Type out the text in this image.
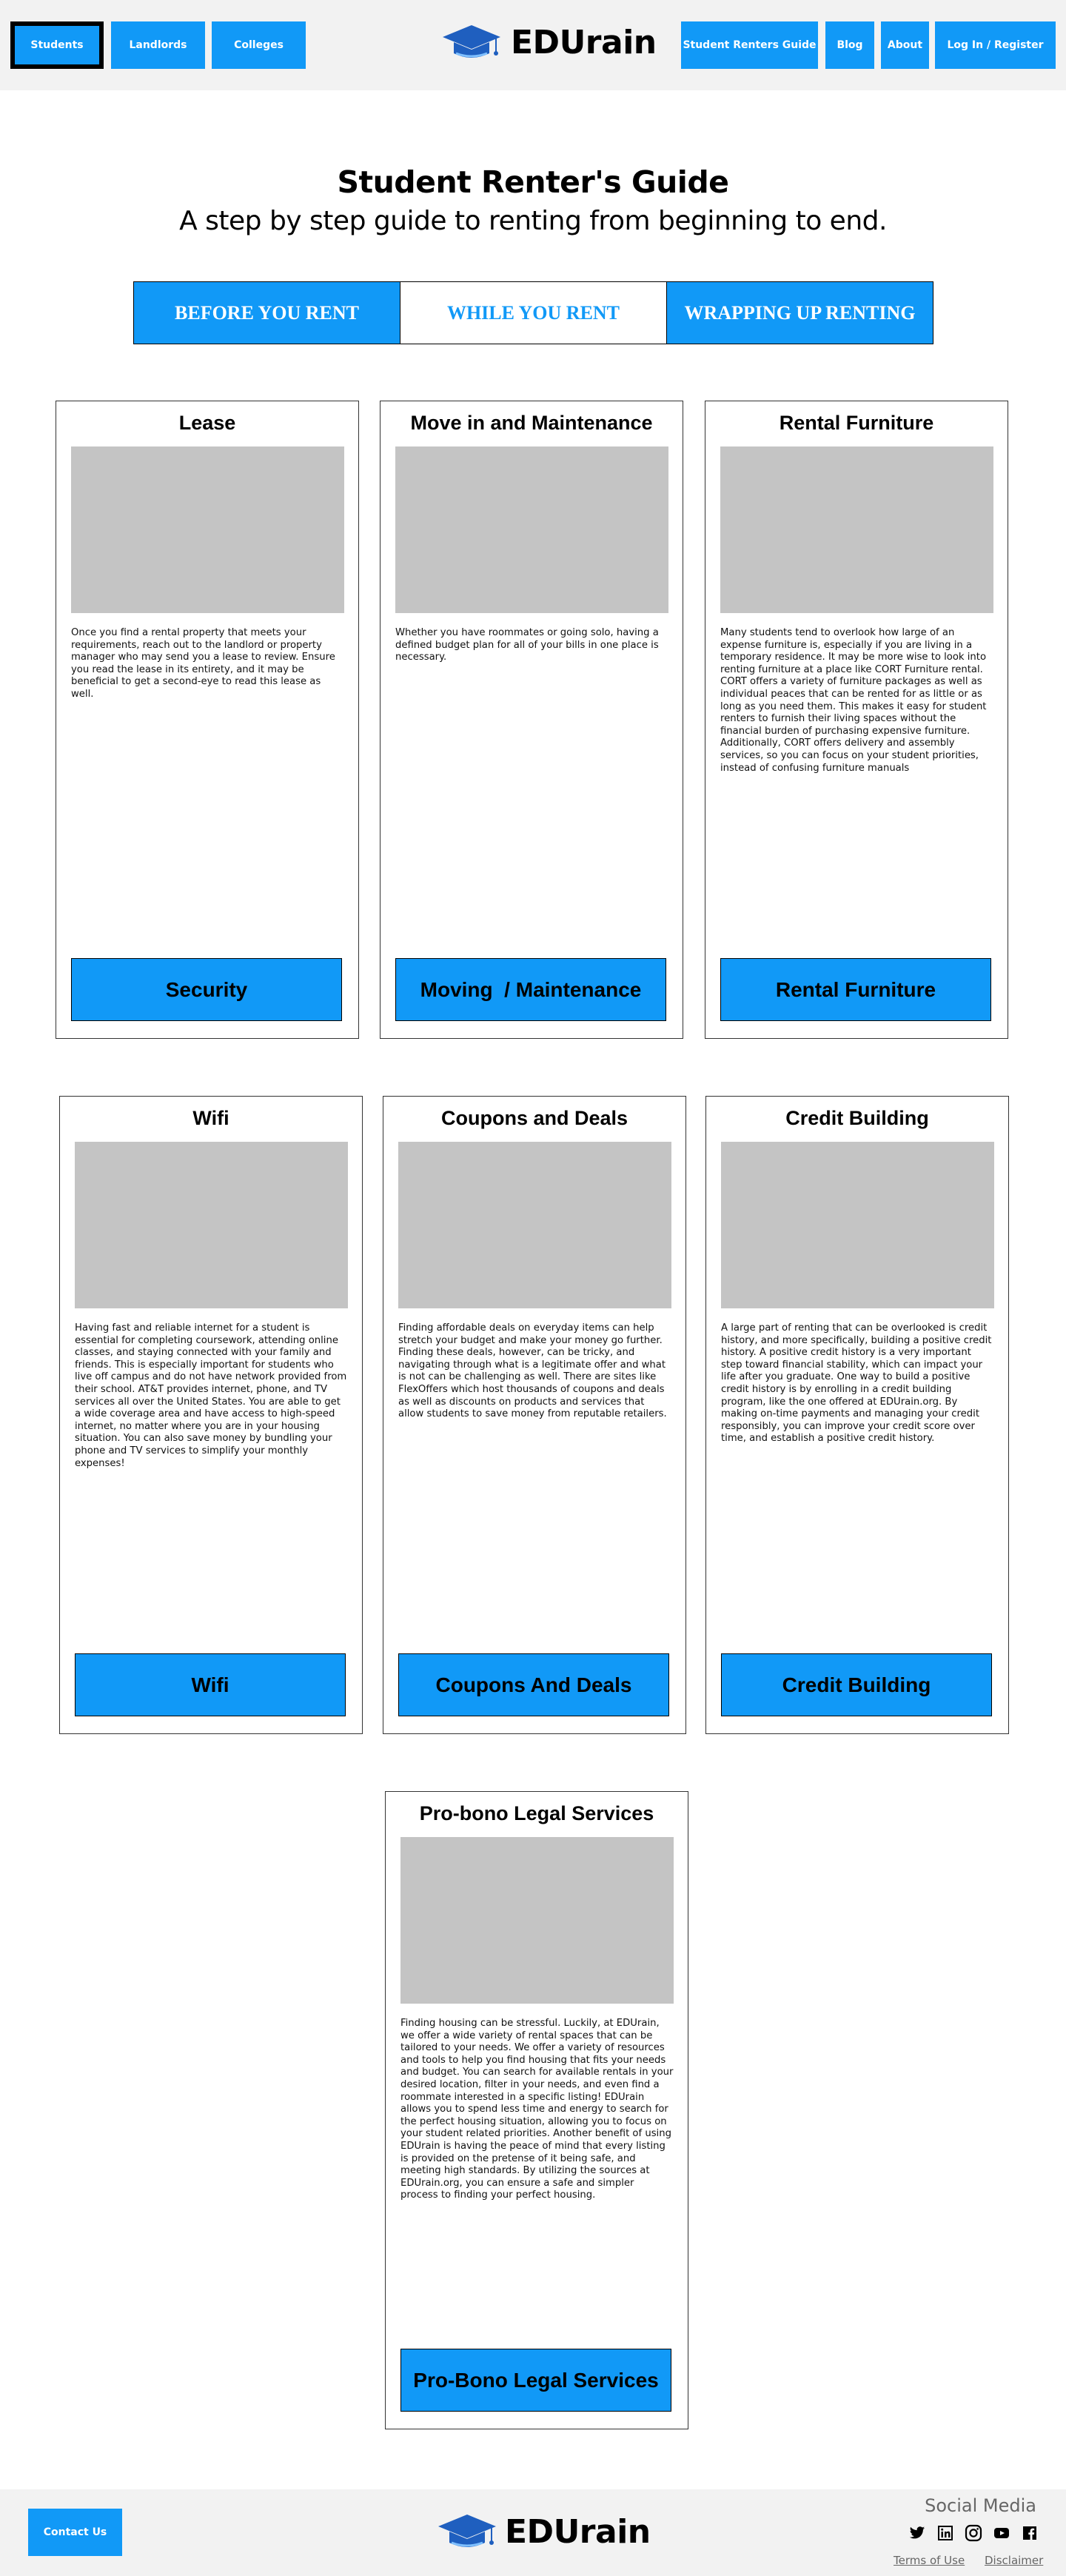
Students	Landlords	Colleges	EDUrain	Student Renters Guide	Blog	About	Log In / Register
Student Renter's Guide
A step by step guide to renting from beginning to end.
BEFORE YOU RENT	WHILE YOU RENT	WRAPPING UP RENTING
Lease
Once you find a rental property that meets your requirements, reach out to the landlord or property manager who may send you a lease to review. Ensure you read the lease in its entirety, and it may be beneficial to get a second-eye to read this lease as well.
Security
Move in and Maintenance
Whether you have roommates or going solo, having a defined budget plan for all of your bills in one place is necessary.
Moving  / Maintenance
Rental Furniture
Many students tend to overlook how large of an expense furniture is, especially if you are living in a temporary residence. It may be more wise to look into renting furniture at a place like CORT Furniture rental. CORT offers a variety of furniture packages as well as individual peaces that can be rented for as little or as long as you need them. This makes it easy for student renters to furnish their living spaces without the financial burden of purchasing expensive furniture. Additionally, CORT offers delivery and assembly services, so you can focus on your student priorities, instead of confusing furniture manuals
Rental Furniture
Wifi
Having fast and reliable internet for a student is essential for completing coursework, attending online classes, and staying connected with your family and friends. This is especially important for students who live off campus and do not have network provided from their school. AT&T provides internet, phone, and TV services all over the United States. You are able to get a wide coverage area and have access to high-speed internet, no matter where you are in your housing situation. You can also save money by bundling your phone and TV services to simplify your monthly expenses!
Wifi
Coupons and Deals
Finding affordable deals on everyday items can help stretch your budget and make your money go further. Finding these deals, however, can be tricky, and navigating through what is a legitimate offer and what is not can be challenging as well. There are sites like FlexOffers which host thousands of coupons and deals as well as discounts on products and services that allow students to save money from reputable retailers.
Coupons And Deals
Credit Building
A large part of renting that can be overlooked is credit history, and more specifically, building a positive credit history. A positive credit history is a very important step toward financial stability, which can impact your life after you graduate. One way to build a positive credit history is by enrolling in a credit building program, like the one offered at EDUrain.org. By making on-time payments and managing your credit responsibly, you can improve your credit score over time, and establish a positive credit history.
Credit Building
Pro-bono Legal Services
Finding housing can be stressful. Luckily, at EDUrain, we offer a wide variety of rental spaces that can be tailored to your needs. We offer a variety of resources and tools to help you find housing that fits your needs and budget. You can search for available rentals in your desired location, filter in your needs, and even find a roommate interested in a specific listing! EDUrain allows you to spend less time and energy to search for the perfect housing situation, allowing you to focus on your student related priorities. Another benefit of using EDUrain is having the peace of mind that every listing is provided on the pretense of it being safe, and meeting high standards. By utilizing the sources at EDUrain.org, you can ensure a safe and simpler process to finding your perfect housing.
Pro-Bono Legal Services
Contact Us	EDUrain
Social Media
Terms of Use Disclaimer
